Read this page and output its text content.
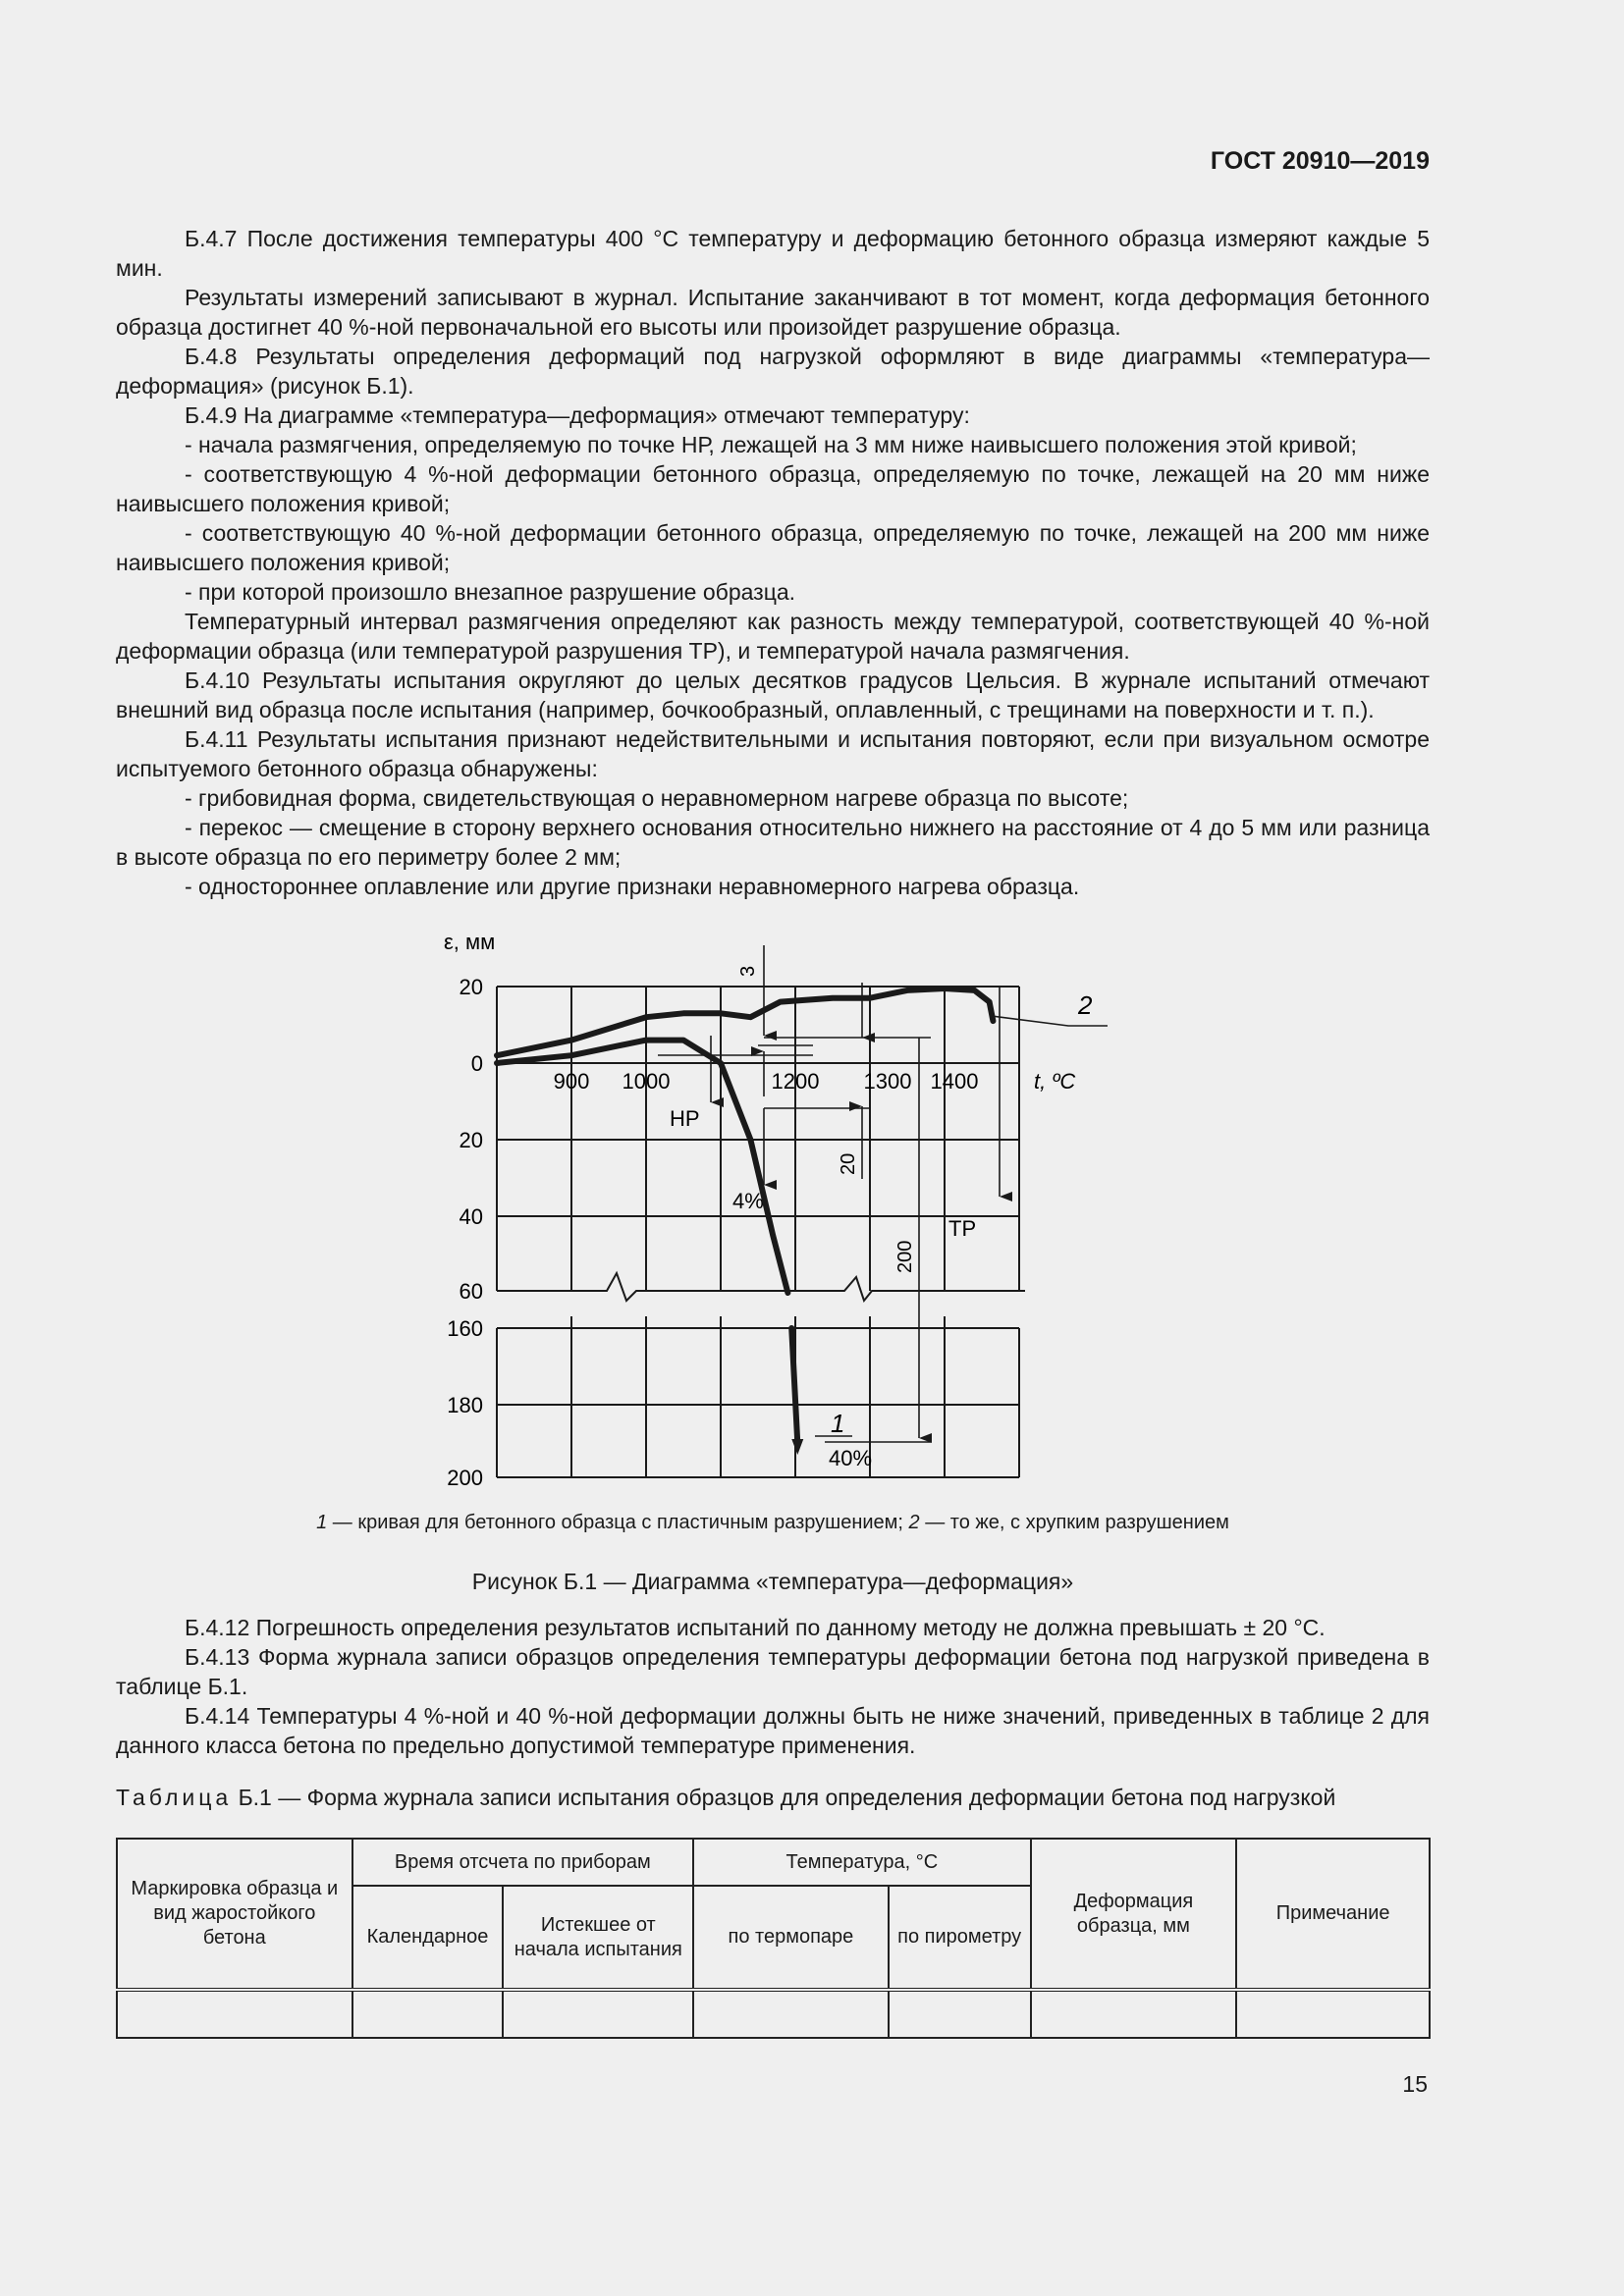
ГОСТ 20910—2019

Б.4.7 После достижения температуры 400 °С температуру и деформацию бетонного образца измеряют каждые 5 мин.

Результаты измерений записывают в журнал. Испытание заканчивают в тот момент, когда деформация бетонного образца достигнет 40 %-ной первоначальной его высоты или произойдет разрушение образца.

Б.4.8 Результаты определения деформаций под нагрузкой оформляют в виде диаграммы «температура—деформация» (рисунок Б.1).

Б.4.9 На диаграмме «температура—деформация» отмечают температуру:

- начала размягчения, определяемую по точке НР, лежащей на 3 мм ниже наивысшего положения этой кривой;

- соответствующую 4 %-ной деформации бетонного образца, определяемую по точке, лежащей на 20 мм ниже наивысшего положения кривой;

- соответствующую 40 %-ной деформации бетонного образца, определяемую по точке, лежащей на 200 мм ниже наивысшего положения кривой;

- при которой произошло внезапное разрушение образца.

Температурный интервал размягчения определяют как разность между температурой, соответствующей 40 %-ной деформации образца (или температурой разрушения ТР), и температурой начала размягчения.

Б.4.10 Результаты испытания округляют до целых десятков градусов Цельсия. В журнале испытаний отмечают внешний вид образца после испытания (например, бочкообразный, оплавленный, с трещинами на поверхности и т. п.).

Б.4.11 Результаты испытания признают недействительными и испытания повторяют, если при визуальном осмотре испытуемого бетонного образца обнаружены:

- грибовидная форма, свидетельствующая о неравномерном нагреве образца по высоте;

- перекос — смещение в сторону верхнего основания относительно нижнего на расстояние от 4 до 5 мм или разница в высоте образца по его периметру более 2 мм;

- одностороннее оплавление или другие признаки неравномерного нагрева образца.

ε, мм
20
0
20
40
60
160
180
200
900 1000	1200 1300 1400	t, ºC
3
НР
20
4%
200
ТР
40%
1
2
1 — кривая для бетонного образца с пластичным разрушением; 2 — то же, с хрупким разрушением
Рисунок Б.1 — Диаграмма «температура—деформация»

Б.4.12 Погрешность определения результатов испытаний по данному методу не должна превышать ± 20 °С.

Б.4.13 Форма журнала записи образцов определения температуры деформации бетона под нагрузкой приведена в таблице Б.1.

Б.4.14 Температуры 4 %-ной и 40 %-ной деформации должны быть не ниже значений, приведенных в таблице 2 для данного класса бетона по предельно допустимой температуре применения.

Таблица Б.1 — Форма журнала записи испытания образцов для определения деформации бетона под нагрузкой
Маркировка образца и вид жаростойкого бетона	Время отсчета по приборам		Температура, °С		Деформация образца, мм	Примечание
	Календарное	Истекшее от начала испытания	по термопаре	по пирометру		

15
